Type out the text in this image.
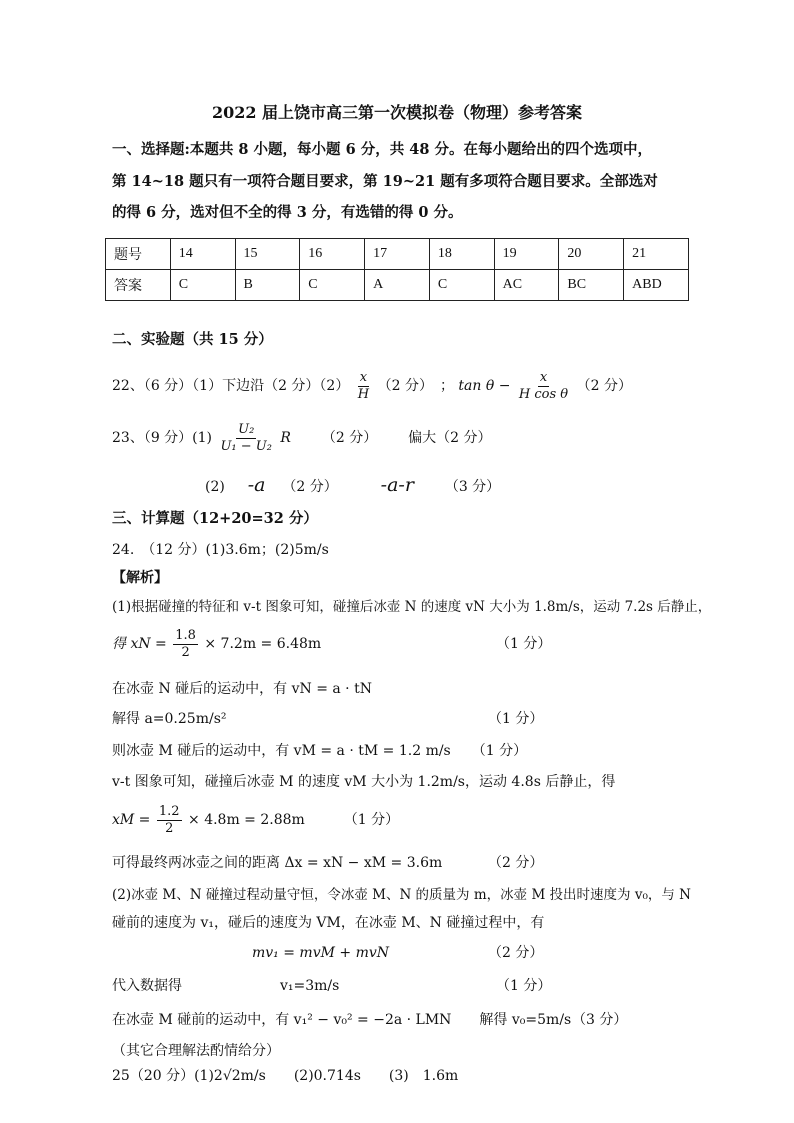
2022 届上饶市高三第一次模拟卷（物理）参考答案
一、选择题:本题共 8 小题，每小题 6 分，共 48 分。在每小题给出的四个选项中，
第 14~18 题只有一项符合题目要求，第 19~21 题有多项符合题目要求。全部选对
的得 6 分，选对但不全的得 3 分，有选错的得 0 分。
题号	14	15	16	17	18	19	20	21
答案	C	B	C	A	C	AC	BC	ABD
二、实验题（共 15 分）
22、（6 分）（1）下边沿（2 分）$(2) \frac{x}{H} (2$ 分）　； $\tan \theta - \frac{x}{\text{H cos θ}} (2$ 分）
23、（9 分）$(1) \frac{\text{U₂}}{\text{U₁ − U₂}}$ R （2 分） 偏大（2 分）
(2) -a （2 分） -a-r （3 分）
三、计算题（12+20=32 分）
24.　（12 分）(1)3.6m；(2)5m/s
【解析】
(1)根据碰撞的特征和 v-t 图象可知，碰撞后冰壶 N 的速度 vN 大小为 1.8m/s，运动 7.2s 后静止，
得 xN = $\frac{1.8}{2} \times 7.2m = 6.48m$	（1 分）
在冰壶 N 碰后的运动中，有 vN = a · tN
解得 a=0.25m/s²	（1 分）
则冰壶 M 碰后的运动中，有 vM = a · tM = 1.2 m/s　　（1 分）
v-t 图象可知，碰撞后冰壶 M 的速度 vM 大小为 1.2m/s，运动 4.8s 后静止，得
xM = $\frac{1.2}{2} \times 4.8m = 2.88m$	（1 分）
可得最终两冰壶之间的距离 Δx = xN − xM = 3.6m	（2 分）
(2)冰壶 M、N 碰撞过程动量守恒，令冰壶 M、N 的质量为 m，冰壶 M 投出时速度为 v₀，与 N
碰前的速度为 v₁，碰后的速度为 VM，在冰壶 M、N 碰撞过程中，有
mv₁ = mvM + mvN	（2 分）
代入数据得	v₁=3m/s	（1 分）
在冰壶 M 碰前的运动中，有 v₁² − v₀² = −2a · LMN　　解得 v₀=5m/s （3 分）
（其它合理解法酌情给分）
25（20 分）(1)2√2m/s　　(2)0.714s　　(3)　1.6m
